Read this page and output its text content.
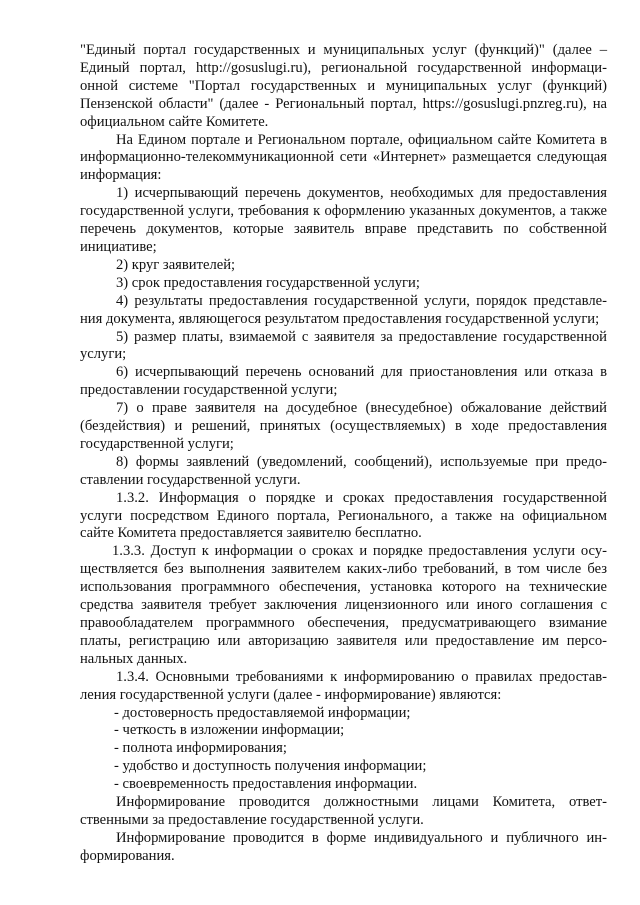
"Единый портал государственных и муниципальных услуг (функций)" (далее – Единый портал, http://gosuslugi.ru), региональной государственной информационной системе "Портал государственных и муниципальных услуг (функций) Пензенской области" (далее - Региональный портал, https://gosuslugi.pnzreg.ru), на официальном сайте Комитете.

На Едином портале и Региональном портале, официальном сайте Комитета в информационно-телекоммуникационной сети «Интернет» размещается следующая информация:

1) исчерпывающий перечень документов, необходимых для предоставления государственной услуги, требования к оформлению указанных документов, а также перечень документов, которые заявитель вправе представить по собственной инициативе;

2) круг заявителей;

3) срок предоставления государственной услуги;

4) результаты предоставления государственной услуги, порядок представления документа, являющегося результатом предоставления государственной услуги;

5) размер платы, взимаемой с заявителя за предоставление государственной услуги;

6) исчерпывающий перечень оснований для приостановления или отказа в предоставлении государственной услуги;

7) о праве заявителя на досудебное (внесудебное) обжалование действий (бездействия) и решений, принятых (осуществляемых) в ходе предоставления государственной услуги;

8) формы заявлений (уведомлений, сообщений), используемые при предоставлении государственной услуги.

1.3.2. Информация о порядке и сроках предоставления государственной услуги посредством Единого портала, Регионального, а также на официальном сайте Комитета предоставляется заявителю бесплатно.

1.3.3. Доступ к информации о сроках и порядке предоставления услуги осуществляется без выполнения заявителем каких-либо требований, в том числе без использования программного обеспечения, установка которого на технические средства заявителя требует заключения лицензионного или иного соглашения с правообладателем программного обеспечения, предусматривающего взимание платы, регистрацию или авторизацию заявителя или предоставление им персональных данных.

1.3.4. Основными требованиями к информированию о правилах предоставления государственной услуги (далее - информирование) являются:

- достоверность предоставляемой информации;

- четкость в изложении информации;

- полнота информирования;

- удобство и доступность получения информации;

- своевременность предоставления информации.

Информирование проводится должностными лицами Комитета, ответственными за предоставление государственной услуги.

Информирование проводится в форме индивидуального и публичного информирования.
